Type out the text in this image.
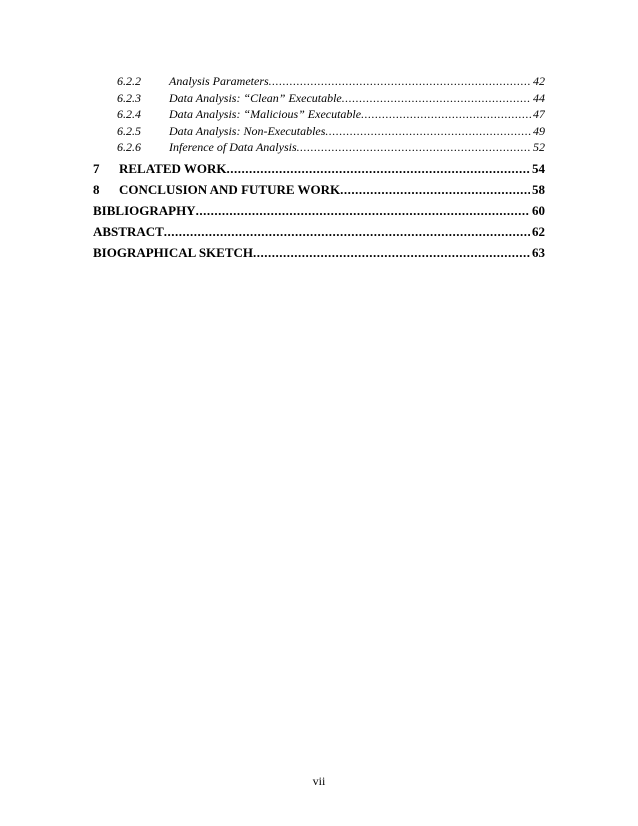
6.2.2	Analysis Parameters .....	42
6.2.3	Data Analysis: “Clean” Executable .....	44
6.2.4	Data Analysis: “Malicious” Executable .....	47
6.2.5	Data Analysis: Non-Executables .....	49
6.2.6	Inference of Data Analysis .....	52
7	RELATED WORK .....	54
8	CONCLUSION AND FUTURE WORK .....	58
BIBLIOGRAPHY .....	60
ABSTRACT .....	62
BIOGRAPHICAL SKETCH .....	63
vii
